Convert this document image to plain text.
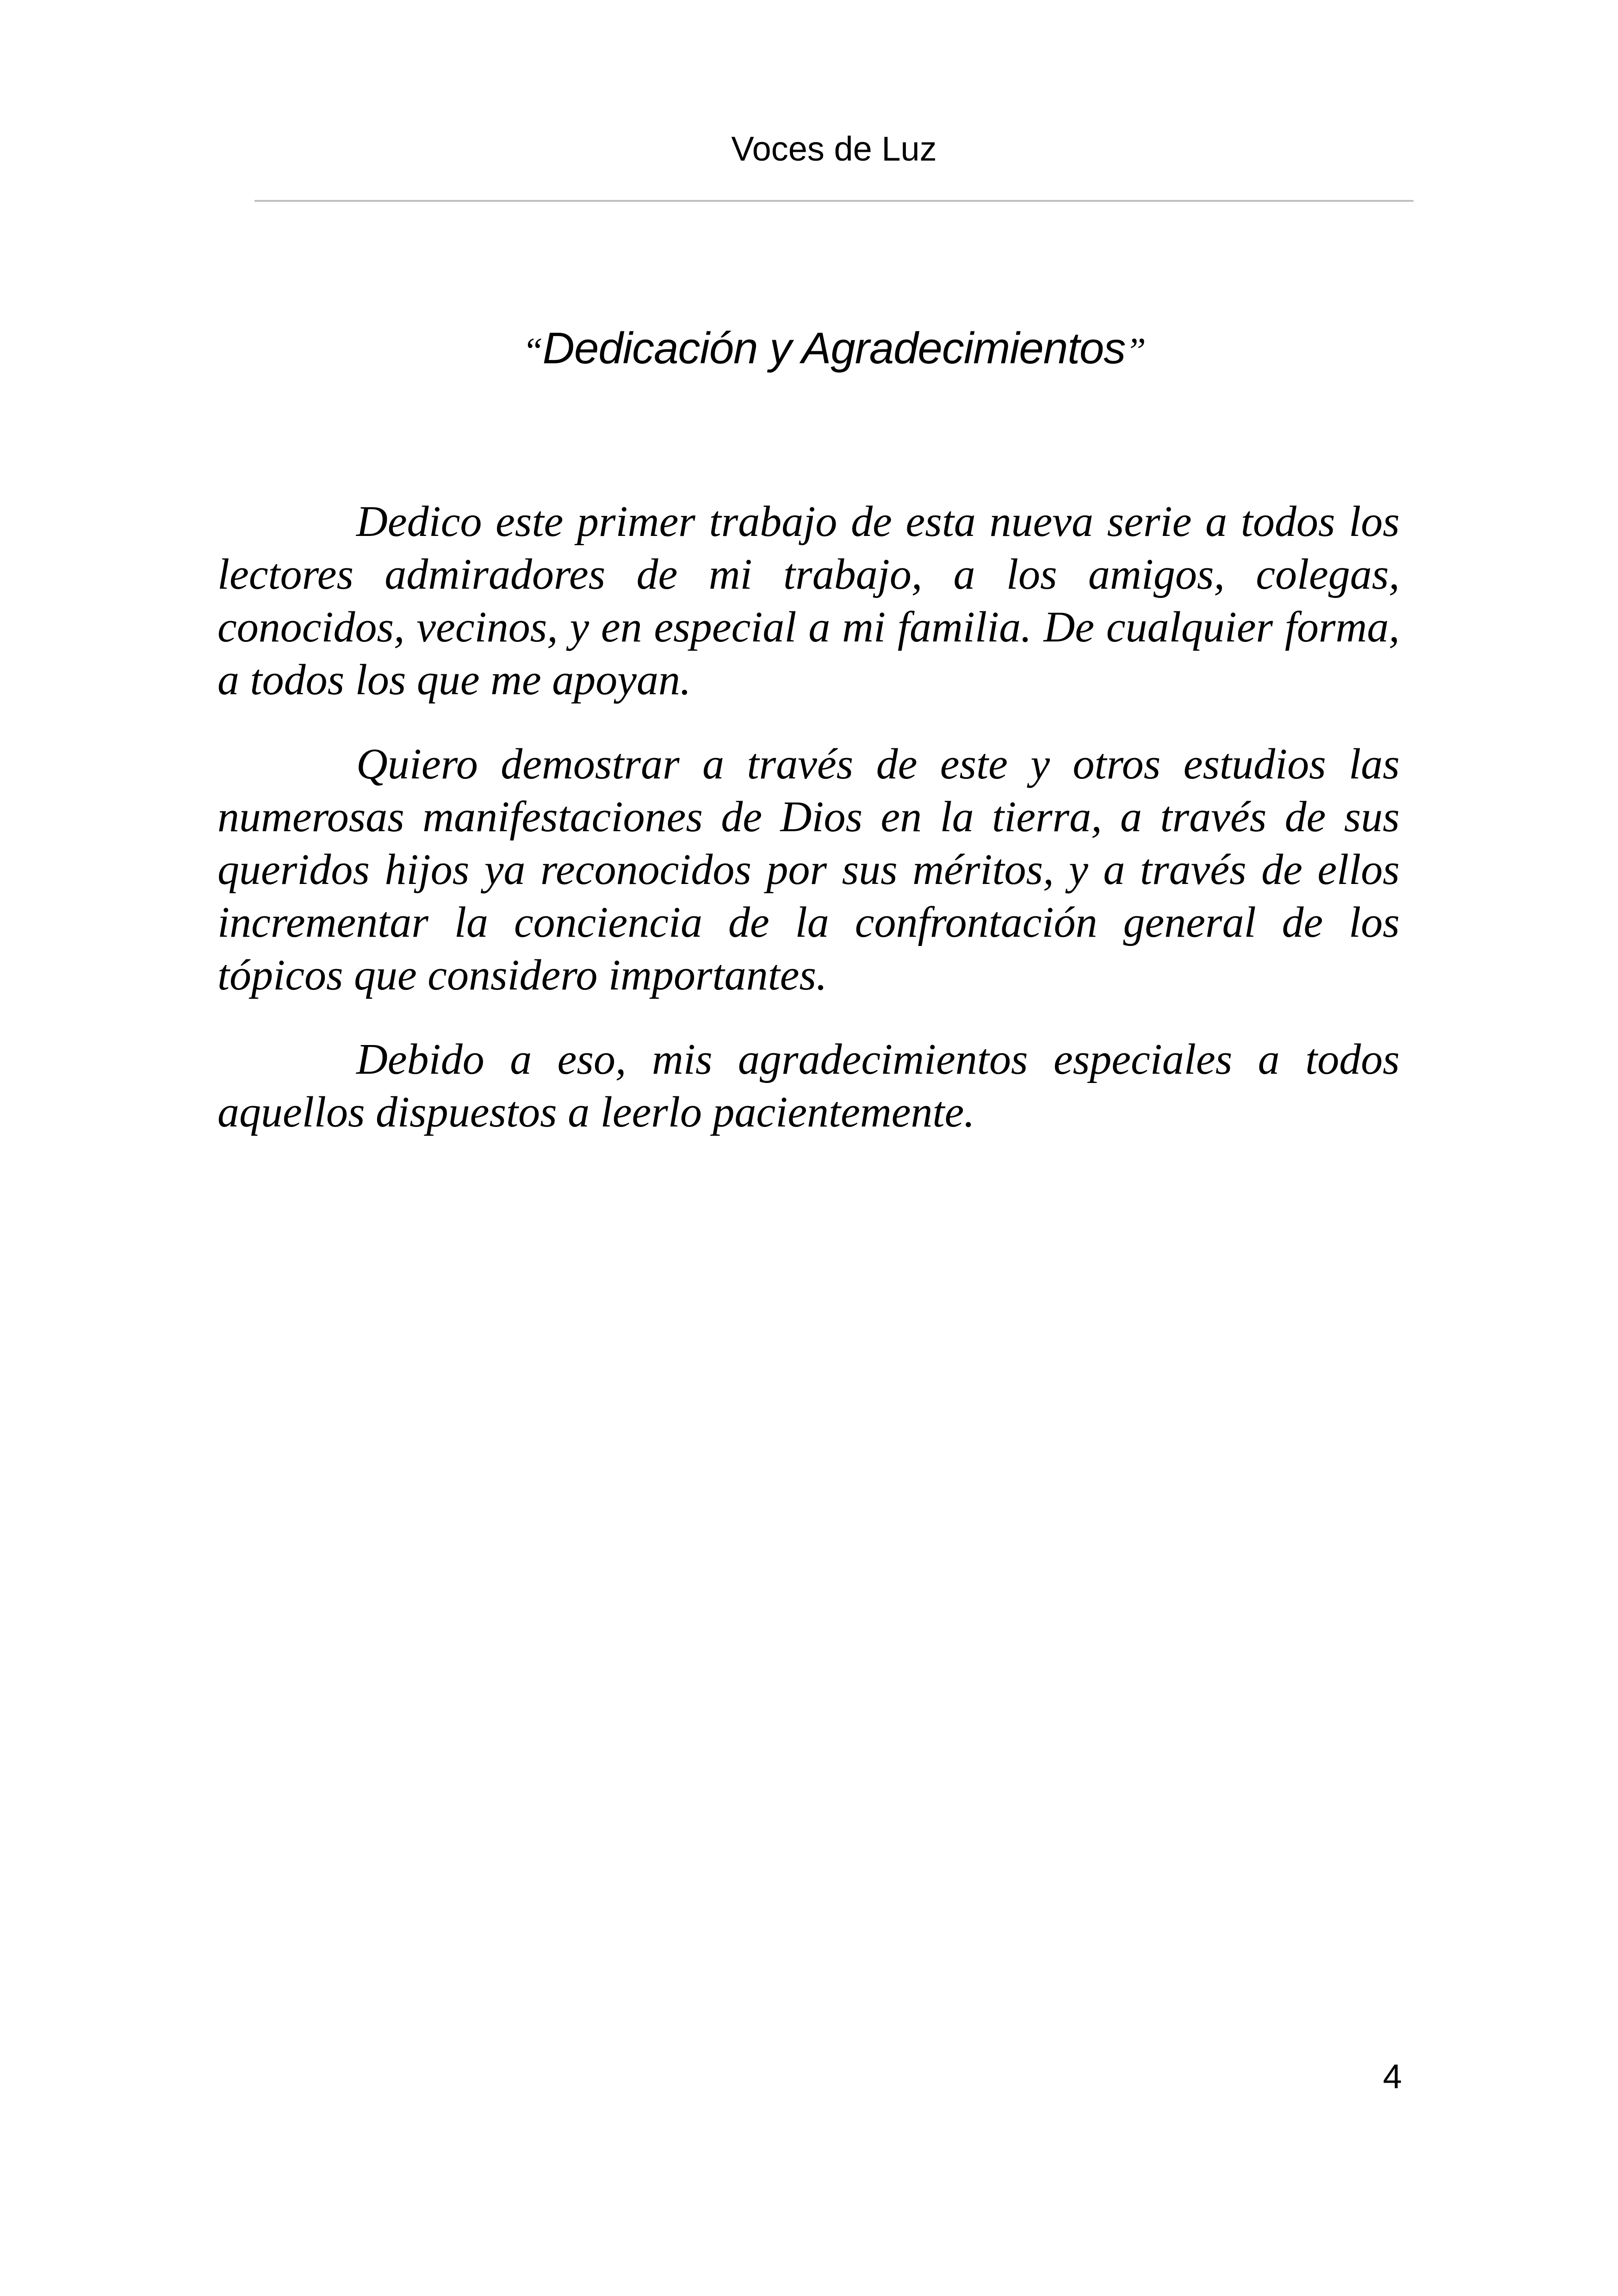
Voces de Luz
“Dedicación y Agradecimientos”

Dedico este primer trabajo de esta nueva serie a todos los lectores admiradores de mi trabajo, a los amigos, colegas, conocidos, vecinos, y en especial a mi familia. De cualquier forma, a todos los que me apoyan.

Quiero demostrar a través de este y otros estudios las numerosas manifestaciones de Dios en la tierra, a través de sus queridos hijos ya reconocidos por sus méritos, y a través de ellos incrementar la conciencia de la confrontación general de los tópicos que considero importantes.

Debido a eso, mis agradecimientos especiales a todos aquellos dispuestos a leerlo pacientemente.

4
